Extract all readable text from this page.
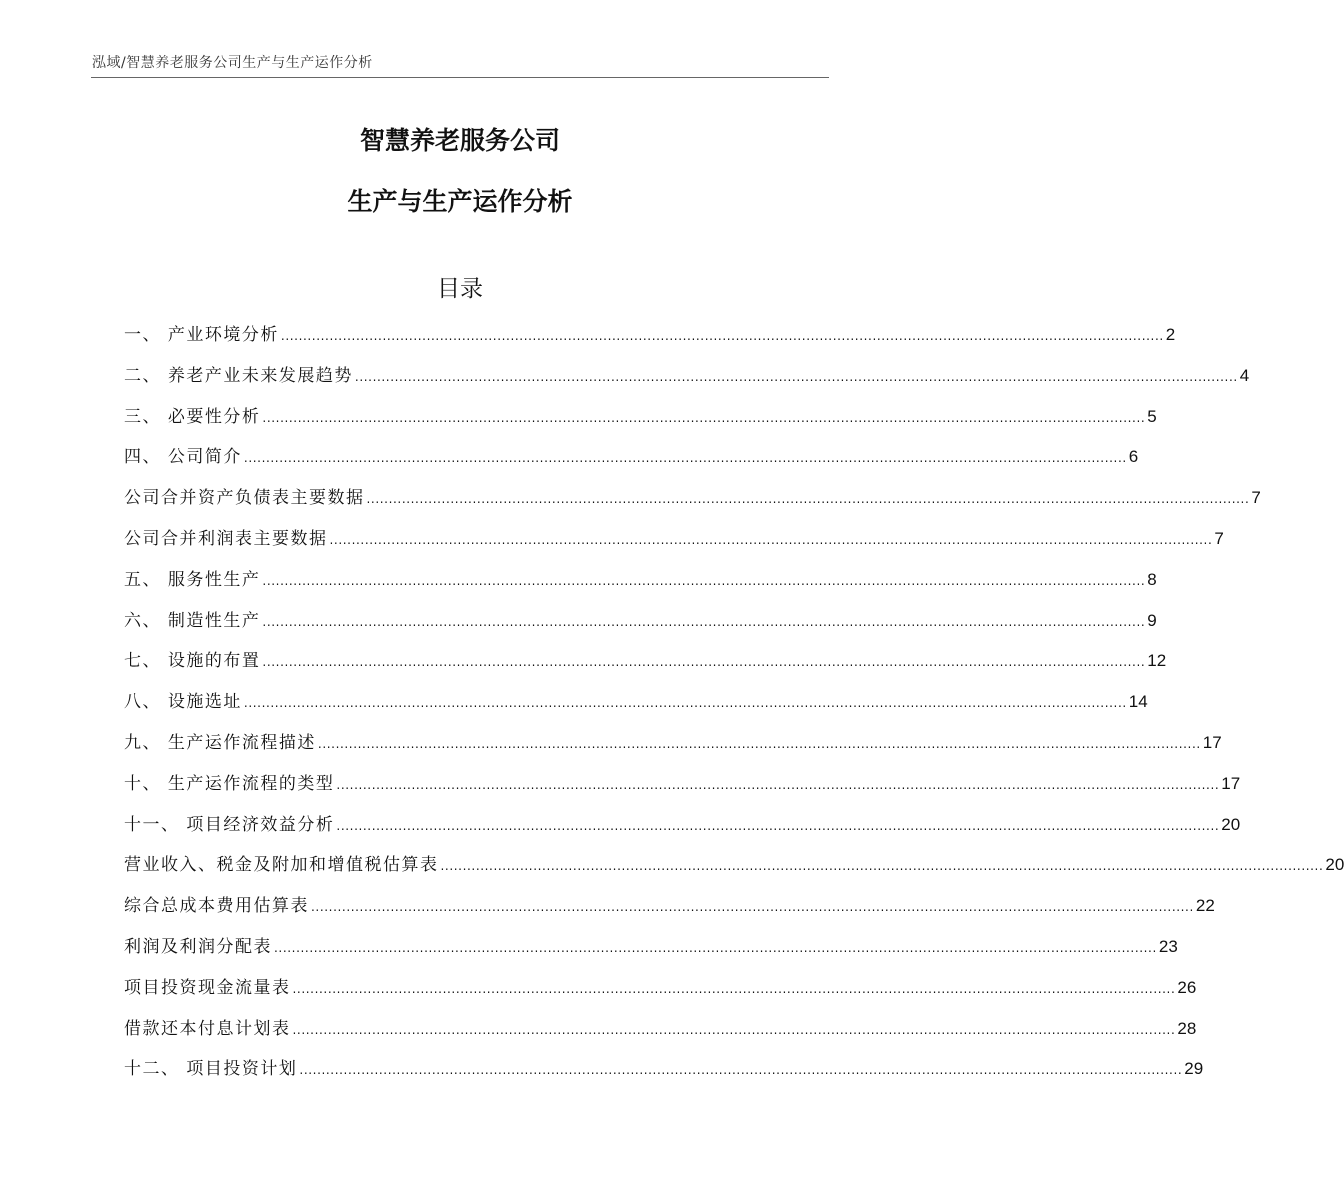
泓域/智慧养老服务公司生产与生产运作分析
智慧养老服务公司
生产与生产运作分析
目录
一、 产业环境分析 ........................................................................................................................................................................................................ 2
二、 养老产业未来发展趋势 ........................................................................................................................................................................................................ 4
三、 必要性分析 ........................................................................................................................................................................................................ 5
四、 公司简介 ........................................................................................................................................................................................................ 6
公司合并资产负债表主要数据 ........................................................................................................................................................................................................ 7
公司合并利润表主要数据 ........................................................................................................................................................................................................ 7
五、 服务性生产 ........................................................................................................................................................................................................ 8
六、 制造性生产 ........................................................................................................................................................................................................ 9
七、 设施的布置 ........................................................................................................................................................................................................ 12
八、 设施选址 ........................................................................................................................................................................................................ 14
九、 生产运作流程描述 ........................................................................................................................................................................................................ 17
十、 生产运作流程的类型 ........................................................................................................................................................................................................ 17
十一、 项目经济效益分析 ........................................................................................................................................................................................................ 20
营业收入、税金及附加和增值税估算表 ........................................................................................................................................................................................................ 20
综合总成本费用估算表 ........................................................................................................................................................................................................ 22
利润及利润分配表 ........................................................................................................................................................................................................ 23
项目投资现金流量表 ........................................................................................................................................................................................................ 26
借款还本付息计划表 ........................................................................................................................................................................................................ 28
十二、 项目投资计划 ........................................................................................................................................................................................................ 29
